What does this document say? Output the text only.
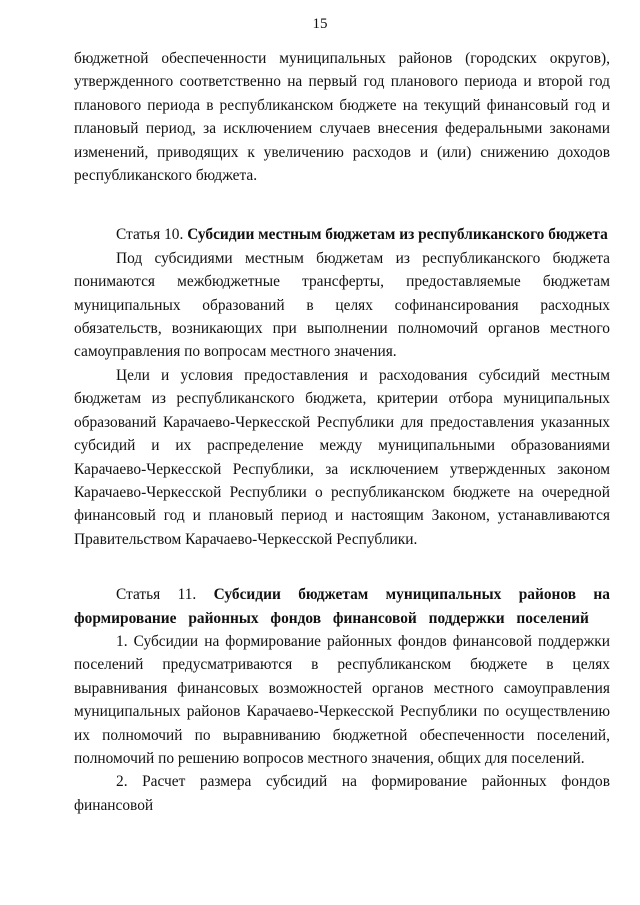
15

бюджетной обеспеченности муниципальных районов (городских округов), утвержденного соответственно на первый год планового периода и второй год планового периода в республиканском бюджете на текущий финансовый год и плановый период, за исключением случаев внесения федеральными законами изменений, приводящих к увеличению расходов и (или) снижению доходов республиканского бюджета.

Статья 10. Субсидии местным бюджетам из республиканского бюджета

Под субсидиями местным бюджетам из республиканского бюджета понимаются межбюджетные трансферты, предоставляемые бюджетам муниципальных образований в целях софинансирования расходных обязательств, возникающих при выполнении полномочий органов местного самоуправления по вопросам местного значения.

Цели и условия предоставления и расходования субсидий местным бюджетам из республиканского бюджета, критерии отбора муниципальных образований Карачаево-Черкесской Республики для предоставления указанных субсидий и их распределение между муниципальными образованиями Карачаево-Черкесской Республики, за исключением утвержденных законом Карачаево-Черкесской Республики о республиканском бюджете на очередной финансовый год и плановый период и настоящим Законом, устанавливаются Правительством Карачаево-Черкесской Республики.

Статья 11. Субсидии бюджетам муниципальных районов на формирование районных фондов финансовой поддержки поселений

1. Субсидии на формирование районных фондов финансовой поддержки поселений предусматриваются в республиканском бюджете в целях выравнивания финансовых возможностей органов местного самоуправления муниципальных районов Карачаево-Черкесской Республики по осуществлению их полномочий по выравниванию бюджетной обеспеченности поселений, полномочий по решению вопросов местного значения, общих для поселений.

2. Расчет размера субсидий на формирование районных фондов финансовой
